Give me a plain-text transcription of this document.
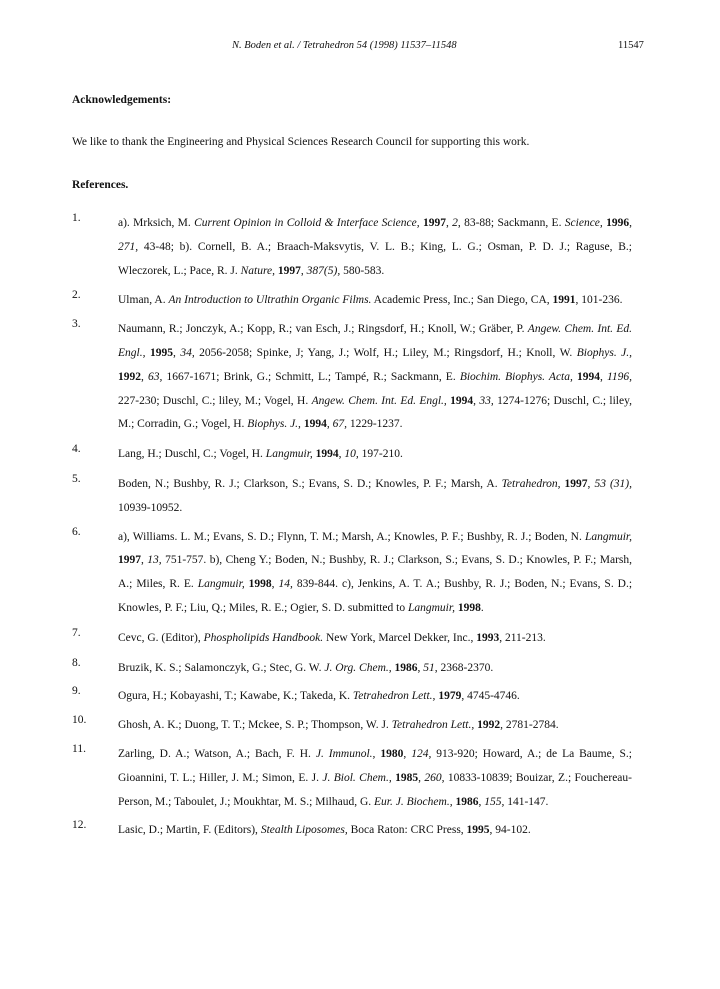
N. Boden et al. / Tetrahedron 54 (1998) 11537–11548	11547
Acknowledgements:
We like to thank the Engineering and Physical Sciences Research Council for supporting this work.
References.
1.	a). Mrksich, M. Current Opinion in Colloid & Interface Science, 1997, 2, 83-88; Sackmann, E. Science, 1996, 271, 43-48; b). Cornell, B. A.; Braach-Maksvytis, V. L. B.; King, L. G.; Osman, P. D. J.; Raguse, B.; Wleczorek, L.; Pace, R. J. Nature, 1997, 387(5), 580-583.
2.	Ulman, A. An Introduction to Ultrathin Organic Films. Academic Press, Inc.; San Diego, CA, 1991, 101-236.
3.	Naumann, R.; Jonczyk, A.; Kopp, R.; van Esch, J.; Ringsdorf, H.; Knoll, W.; Gräber, P. Angew. Chem. Int. Ed. Engl., 1995, 34, 2056-2058; Spinke, J; Yang, J.; Wolf, H.; Liley, M.; Ringsdorf, H.; Knoll, W. Biophys. J., 1992, 63, 1667-1671; Brink, G.; Schmitt, L.; Tampé, R.; Sackmann, E. Biochim. Biophys. Acta, 1994, 1196, 227-230; Duschl, C.; liley, M.; Vogel, H. Angew. Chem. Int. Ed. Engl., 1994, 33, 1274-1276; Duschl, C.; liley, M.; Corradin, G.; Vogel, H. Biophys. J., 1994, 67, 1229-1237.
4.	Lang, H.; Duschl, C.; Vogel, H. Langmuir, 1994, 10, 197-210.
5.	Boden, N.; Bushby, R. J.; Clarkson, S.; Evans, S. D.; Knowles, P. F.; Marsh, A. Tetrahedron, 1997, 53 (31), 10939-10952.
6.	a), Williams. L. M.; Evans, S. D.; Flynn, T. M.; Marsh, A.; Knowles, P. F.; Bushby, R. J.; Boden, N. Langmuir, 1997, 13, 751-757. b), Cheng Y.; Boden, N.; Bushby, R. J.; Clarkson, S.; Evans, S. D.; Knowles, P. F.; Marsh, A.; Miles, R. E. Langmuir, 1998, 14, 839-844. c), Jenkins, A. T. A.; Bushby, R. J.; Boden, N.; Evans, S. D.; Knowles, P. F.; Liu, Q.; Miles, R. E.; Ogier, S. D. submitted to Langmuir, 1998.
7.	Cevc, G. (Editor), Phospholipids Handbook. New York, Marcel Dekker, Inc., 1993, 211-213.
8.	Bruzik, K. S.; Salamonczyk, G.; Stec, G. W. J. Org. Chem., 1986, 51, 2368-2370.
9.	Ogura, H.; Kobayashi, T.; Kawabe, K.; Takeda, K. Tetrahedron Lett., 1979, 4745-4746.
10.	Ghosh, A. K.; Duong, T. T.; Mckee, S. P.; Thompson, W. J. Tetrahedron Lett., 1992, 2781-2784.
11.	Zarling, D. A.; Watson, A.; Bach, F. H. J. Immunol., 1980, 124, 913-920; Howard, A.; de La Baume, S.; Gioannini, T. L.; Hiller, J. M.; Simon, E. J. J. Biol. Chem., 1985, 260, 10833-10839; Bouizar, Z.; Fouchereau-Person, M.; Taboulet, J.; Moukhtar, M. S.; Milhaud, G. Eur. J. Biochem., 1986, 155, 141-147.
12.	Lasic, D.; Martin, F. (Editors), Stealth Liposomes, Boca Raton: CRC Press, 1995, 94-102.
